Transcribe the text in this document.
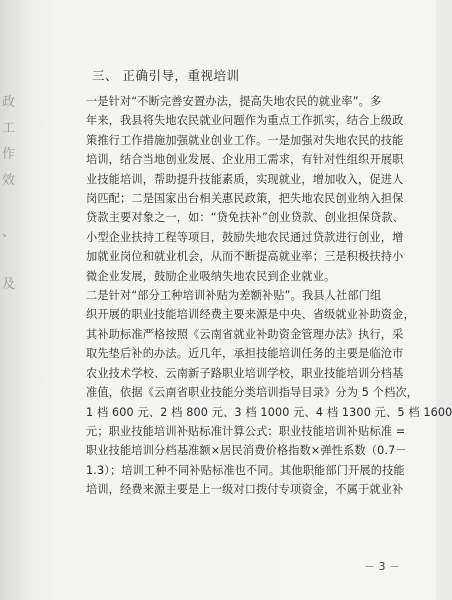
政
工
作
效
、
及
三、 正确引导，重视培训
一是针对“不断完善安置办法，提高失地农民的就业率”。多
年来，我县将失地农民就业问题作为重点工作抓实，结合上级政
策推行工作措施加强就业创业工作。一是加强对失地农民的技能
培训，结合当地创业发展、企业用工需求，有针对性组织开展职
业技能培训，帮助提升技能素质，实现就业，增加收入，促进人
岗匹配；二是国家出台相关惠民政策，把失地农民创业纳入担保
贷款主要对象之一，如：“贷免扶补”创业贷款、创业担保贷款、
小型企业扶持工程等项目，鼓励失地农民通过贷款进行创业，增
加就业岗位和就业机会，从而不断提高就业率；三是积极扶持小
微企业发展，鼓励企业吸纳失地农民到企业就业。
二是针对“部分工种培训补贴为差额补贴”。我县人社部门组
织开展的职业技能培训经费主要来源是中央、省级就业补助资金，
其补助标准严格按照《云南省就业补助资金管理办法》执行，采
取先垫后补的办法。近几年，承担技能培训任务的主要是临沧市
农业技术学校、云南新子路职业培训学校，职业技能培训分档基
准值，依据《云南省职业技能分类培训指导目录》分为 5 个档次，
1 档 600 元、2 档 800 元、3 档 1000 元、4 档 1300 元、5 档 1600
元；职业技能培训补贴标准计算公式：职业技能培训补贴标准 =
职业技能培训分档基准额×居民消费价格指数×弹性系数（0.7－
1.3）；培训工种不同补贴标准也不同。其他职能部门开展的技能
培训，经费来源主要是上一级对口拨付专项资金，不属于就业补
－ 3 －
